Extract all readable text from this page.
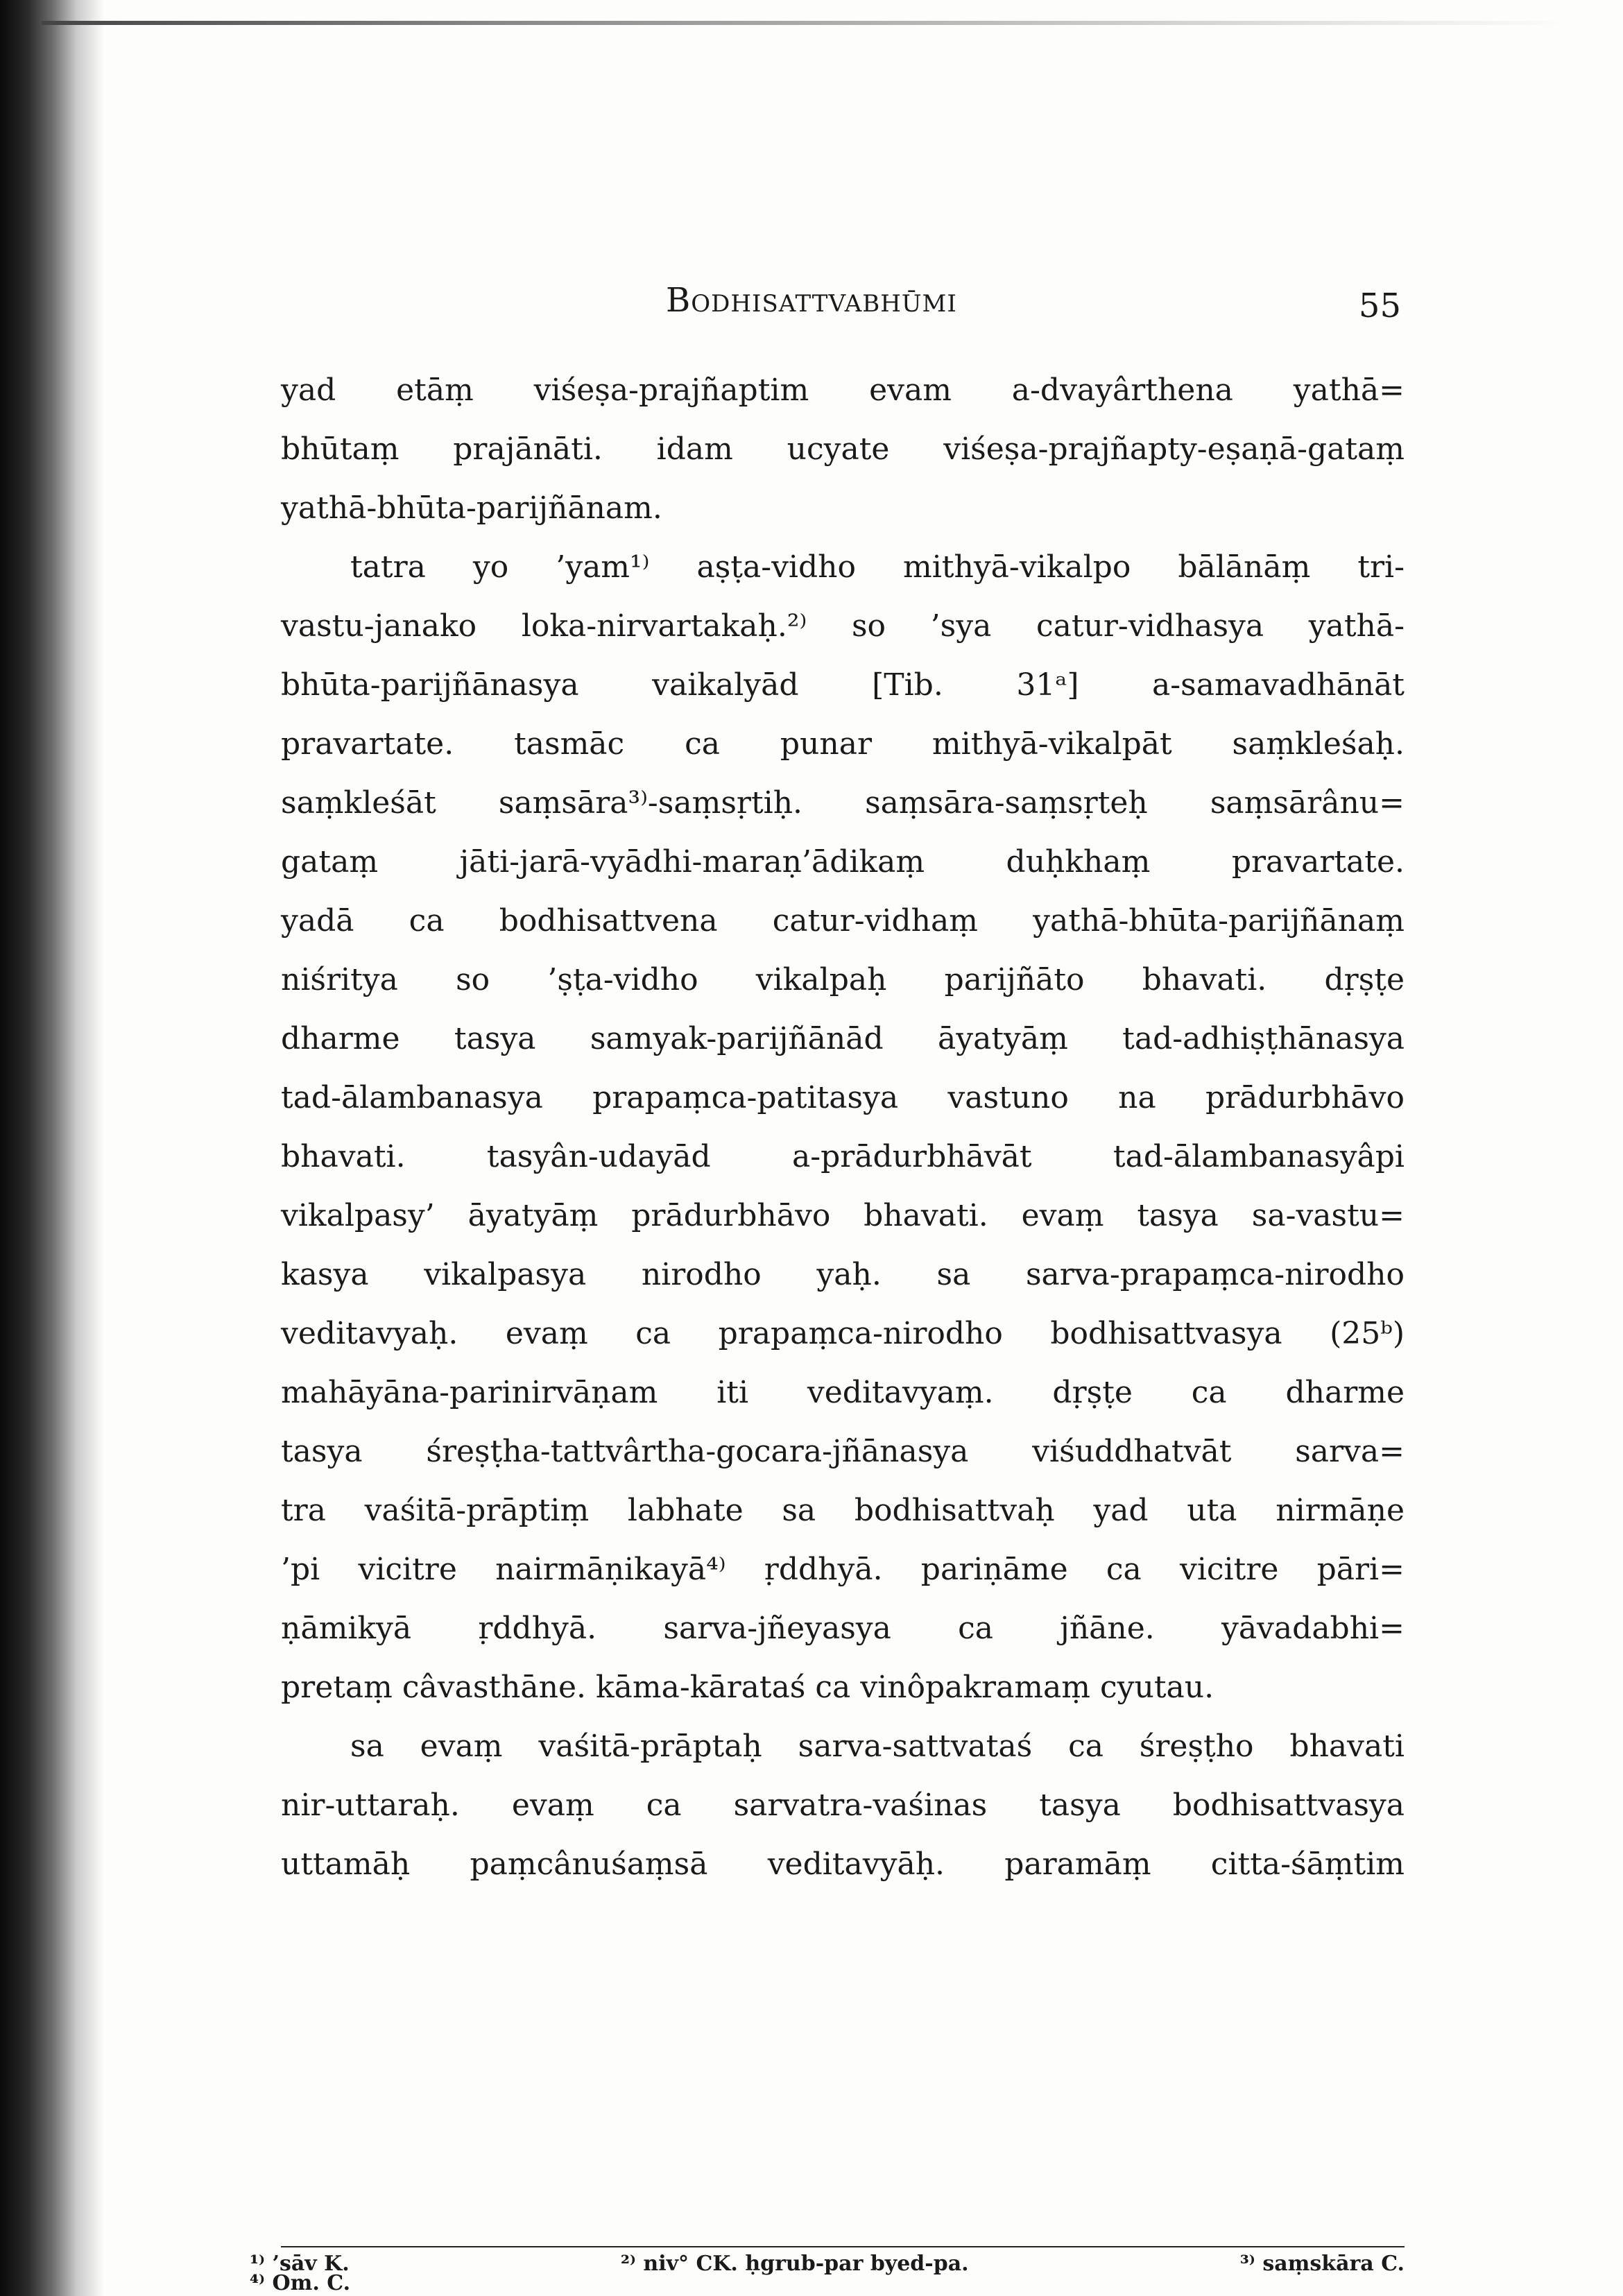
Bodhisattvabhūmi	55
yad etāṃ viśeṣa-prajñaptim evam a-dvayârthena yathā=
bhūtaṃ prajānāti. idam ucyate viśeṣa-prajñapty-eṣaṇā-gataṃ
yathā-bhūta-parijñānam.
tatra yo ’yam¹⁾ aṣṭa-vidho mithyā-vikalpo bālānāṃ tri-
vastu-janako loka-nirvartakaḥ.²⁾ so ’sya catur-vidhasya yathā-
bhūta-parijñānasya vaikalyād [Tib. 31ᵃ] a-samavadhānāt
pravartate. tasmāc ca punar mithyā-vikalpāt saṃkleśaḥ.
saṃkleśāt saṃsāra³⁾-saṃsṛtiḥ. saṃsāra-saṃsṛteḥ saṃsārânu=
gataṃ jāti-jarā-vyādhi-maraṇ’ādikaṃ duḥkhaṃ pravartate.
yadā ca bodhisattvena catur-vidhaṃ yathā-bhūta-parijñānaṃ
niśritya so ’ṣṭa-vidho vikalpaḥ parijñāto bhavati. dṛṣṭe
dharme tasya samyak-parijñānād āyatyāṃ tad-adhiṣṭhānasya
tad-ālambanasya prapaṃca-patitasya vastuno na prādurbhāvo
bhavati. tasyân-udayād a-prādurbhāvāt tad-ālambanasyâpi
vikalpasy’ āyatyāṃ prādurbhāvo bhavati. evaṃ tasya sa-vastu=
kasya vikalpasya nirodho yaḥ. sa sarva-prapaṃca-nirodho
veditavyaḥ. evaṃ ca prapaṃca-nirodho bodhisattvasya (25ᵇ)
mahāyāna-parinirvāṇam iti veditavyaṃ. dṛṣṭe ca dharme
tasya śreṣṭha-tattvârtha-gocara-jñānasya viśuddhatvāt sarva=
tra vaśitā-prāptiṃ labhate sa bodhisattvaḥ yad uta nirmāṇe
’pi vicitre nairmāṇikayā⁴⁾ ṛddhyā. pariṇāme ca vicitre pāri=
ṇāmikyā ṛddhyā. sarva-jñeyasya ca jñāne. yāvadabhi=
pretaṃ câvasthāne. kāma-kārataś ca vinôpakramaṃ cyutau.
sa evaṃ vaśitā-prāptaḥ sarva-sattvataś ca śreṣṭho bhavati
nir-uttaraḥ. evaṃ ca sarvatra-vaśinas tasya bodhisattvasya
uttamāḥ paṃcânuśaṃsā veditavyāḥ. paramāṃ citta-śāṃtim
¹⁾ ’sāv K.	²⁾ niv° CK. ḥgrub-par byed-pa.	³⁾ saṃskāra C.
⁴⁾ Om. C.
